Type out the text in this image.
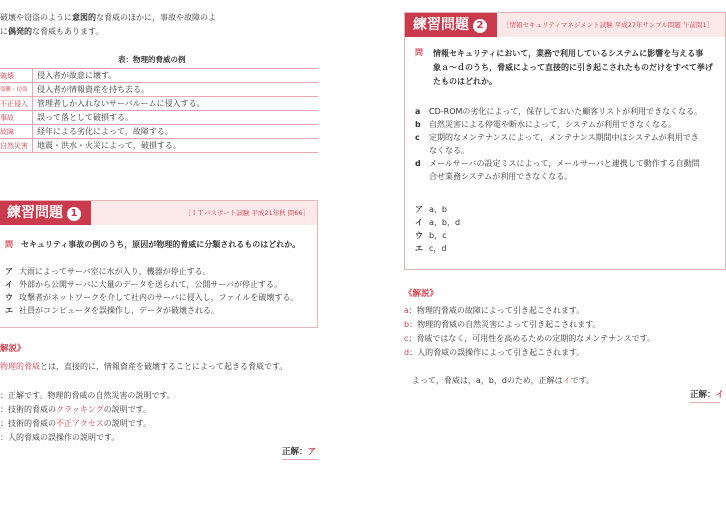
破壊や窃盗のように意図的な脅威のほかに，事故や故障のよ
に偶発的な脅威もあります。
表：物理的脅威の例
破壊	侵入者が故意に壊す。
盗難・窃盗	侵入者が情報資産を持ち去る。
不正侵入	管理者しか入れないサーバルームに侵入する。
事故	誤って落として破損する。
故障	経年による劣化によって，故障する。
自然災害	地震・洪水・火災によって，破損する。
練習問題 1	［ＩＴパスポート試験 平成21年秋 問66］
問 セキュリティ事故の例のうち，原因が物理的脅威に分類されるものはどれか。
ア 大雨によってサーバ室に水が入り，機器が停止する。
イ 外部から公開サーバに大量のデータを送られて，公開サーバが停止する。
ウ 攻撃者がネットワークを介して社内のサーバに侵入し，ファイルを破壊する。
エ 社員がコンピュータを誤操作し，データが破壊される。
解説》
物理的脅威とは，直接的に，情報資産を破壊することによって起きる脅威です。
：正解です。物理的脅威の自然災害の説明です。
：技術的脅威のクラッキングの説明です。
：技術的脅威の不正アクセスの説明です。
：人的脅威の誤操作の説明です。
正解：ア
練習問題 2	［情報セキュリティマネジメント試験 平成27年サンプル問題 午前問1］
問 情報セキュリティにおいて，業務で利用しているシステムに影響を与える事
象ａ～ｄのうち，脅威によって直接的に引き起こされたものだけをすべて挙げ
たものはどれか。
a CD-ROMの劣化によって，保存しておいた顧客リストが利用できなくなる。
b 自然災害による停電や断水によって，システムが利用できなくなる。
c 定期的なメンテナンスによって，メンテナンス期間中はシステムが利用でき
なくなる。
d メールサーバの設定ミスによって，メールサーバと連携して動作する自動問
合せ業務システムが利用できなくなる。
ア a，b
イ a，b，d
ウ b，c
エ c，d
《解説》
a：物理的脅威の故障によって引き起こされます。
b：物理的脅威の自然災害によって引き起こされます。
c：脅威ではなく，可用性を高めるための定期的なメンテナンスです。
d：人的脅威の誤操作によって引き起こされます。
よって，脅威は，a，b，dのため，正解はイです。
正解：イ
